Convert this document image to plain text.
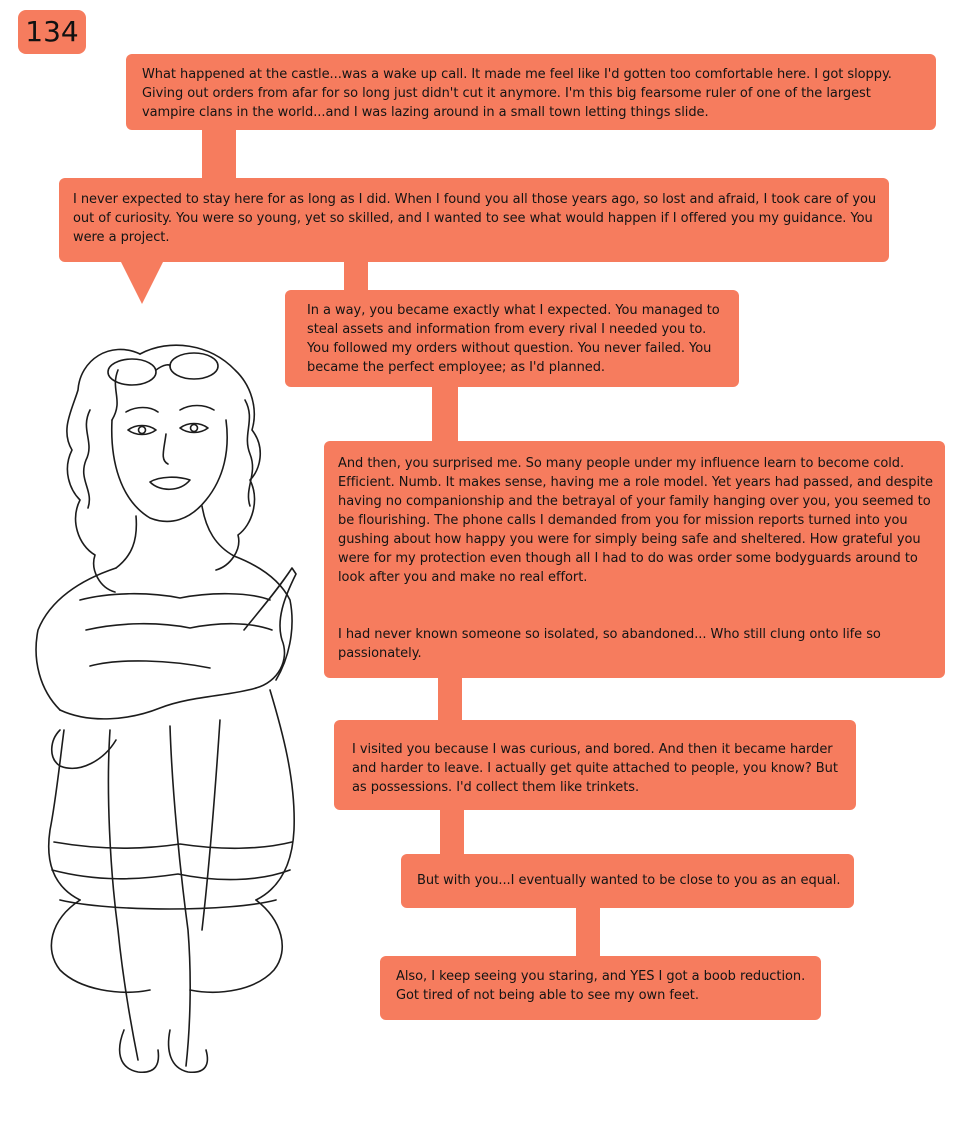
134

What happened at the castle...was a wake up call. It made me feel like I'd gotten too comfortable here. I got sloppy. Giving out orders from afar for so long just didn't cut it anymore. I'm this big fearsome ruler of one of the largest vampire clans in the world...and I was lazing around in a small town letting things slide.

I never expected to stay here for as long as I did. When I found you all those years ago, so lost and afraid, I took care of you out of curiosity. You were so young, yet so skilled, and I wanted to see what would happen if I offered you my guidance. You were a project.

In a way, you became exactly what I expected. You managed to steal assets and information from every rival I needed you to. You followed my orders without question. You never failed. You became the perfect employee; as I'd planned.

And then, you surprised me. So many people under my influence learn to become cold. Efficient. Numb. It makes sense, having me a role model. Yet years had passed, and despite having no companionship and the betrayal of your family hanging over you, you seemed to be flourishing. The phone calls I demanded from you for mission reports turned into you gushing about how happy you were for simply being safe and sheltered. How grateful you were for my protection even though all I had to do was order some bodyguards around to look after you and make no real effort.

I had never known someone so isolated, so abandoned... Who still clung onto life so passionately.

I visited you because I was curious, and bored. And then it became harder and harder to leave. I actually get quite attached to people, you know? But as possessions. I'd collect them like trinkets.

But with you...I eventually wanted to be close to you as an equal.

Also, I keep seeing you staring, and YES I got a boob reduction. Got tired of not being able to see my own feet.
